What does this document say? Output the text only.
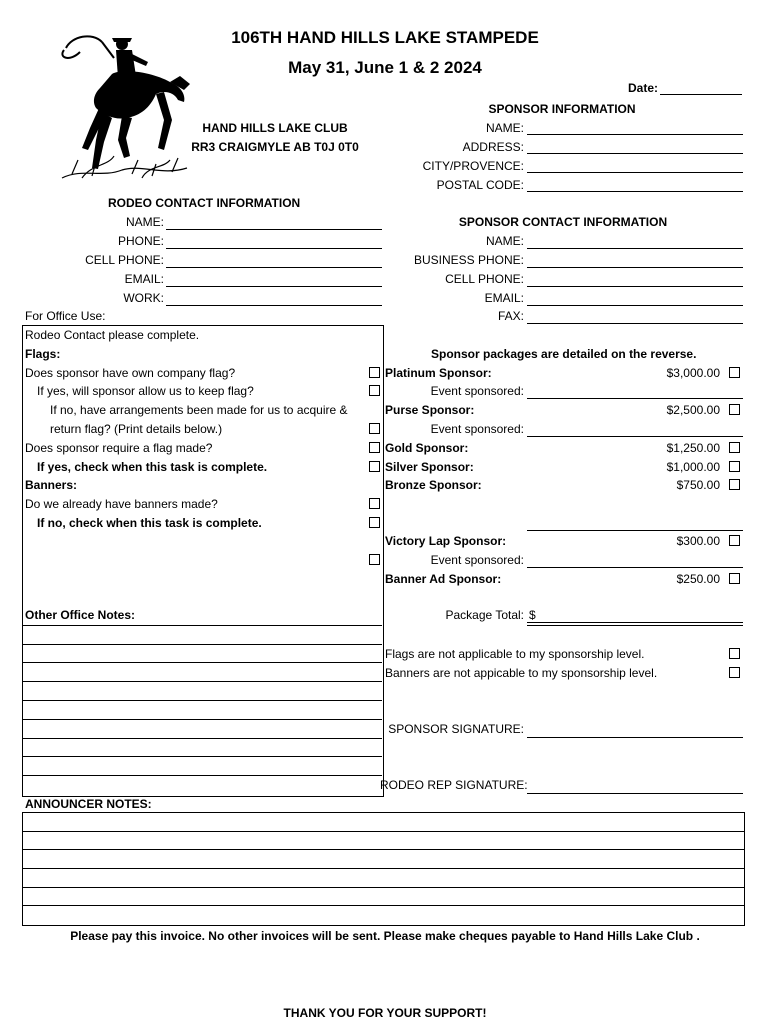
106TH HAND HILLS LAKE STAMPEDE
May 31, June 1 & 2 2024
Date:
SPONSOR INFORMATION
HAND HILLS LAKE CLUB
RR3 CRAIGMYLE AB T0J 0T0
NAME:
ADDRESS:
CITY/PROVENCE:
POSTAL CODE:
RODEO CONTACT INFORMATION
NAME:
PHONE:
CELL PHONE:
EMAIL:
WORK:
SPONSOR CONTACT INFORMATION
NAME:
BUSINESS PHONE:
CELL PHONE:
EMAIL:
FAX:
For Office Use:
Rodeo Contact please complete.
Flags:
Does sponsor have own company flag?
If yes, will sponsor allow us to keep flag?
If no, have arrangements been made for us to acquire &
return flag? (Print details below.)
Does sponsor require a flag made?
If yes, check when this task is complete.
Banners:
Do we already have banners made?
If no, check when this task is complete.
Other Office Notes:
Sponsor packages are detailed on the reverse.
Platinum Sponsor:	$3,000.00
Event sponsored:
Purse Sponsor:	$2,500.00
Event sponsored:
Gold Sponsor:	$1,250.00
Silver Sponsor:	$1,000.00
Bronze Sponsor:	$750.00
Victory Lap Sponsor:	$300.00
Event sponsored:
Banner Ad Sponsor:	$250.00
Package Total: $
Flags are not applicable to my sponsorship level.
Banners are not appicable to my sponsorship level.
SPONSOR SIGNATURE:
RODEO REP SIGNATURE:
ANNOUNCER NOTES:
Please pay this invoice. No other invoices will be sent. Please make cheques payable to Hand Hills Lake Club .
THANK YOU FOR YOUR SUPPORT!
